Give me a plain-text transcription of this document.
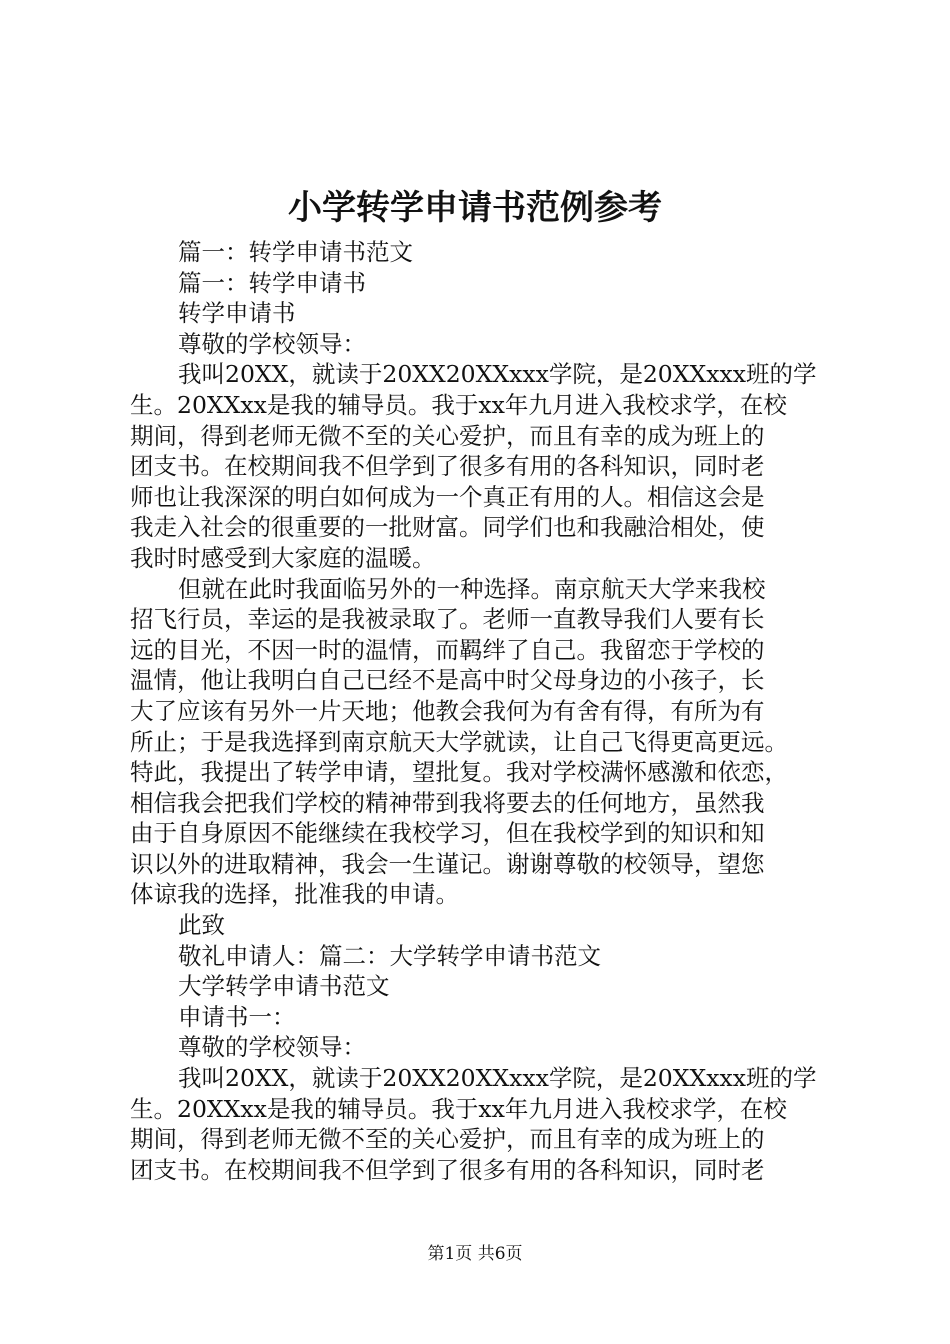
小学转学申请书范例参考
篇一：转学申请书范文
篇一：转学申请书
转学申请书
尊敬的学校领导：
我叫20XX，就读于20XX20XXxxx学院，是20XXxxx班的学
生。20XXxx是我的辅导员。我于xx年九月进入我校求学，在校
期间，得到老师无微不至的关心爱护，而且有幸的成为班上的
团支书。在校期间我不但学到了很多有用的各科知识，同时老
师也让我深深的明白如何成为一个真正有用的人。相信这会是
我走入社会的很重要的一批财富。同学们也和我融洽相处，使
我时时感受到大家庭的温暖。
但就在此时我面临另外的一种选择。南京航天大学来我校
招飞行员，幸运的是我被录取了。老师一直教导我们人要有长
远的目光，不因一时的温情，而羁绊了自己。我留恋于学校的
温情，他让我明白自己已经不是高中时父母身边的小孩子，长
大了应该有另外一片天地；他教会我何为有舍有得，有所为有
所止；于是我选择到南京航天大学就读，让自己飞得更高更远。
特此，我提出了转学申请，望批复。我对学校满怀感激和依恋，
相信我会把我们学校的精神带到我将要去的任何地方，虽然我
由于自身原因不能继续在我校学习，但在我校学到的知识和知
识以外的进取精神，我会一生谨记。谢谢尊敬的校领导，望您
体谅我的选择，批准我的申请。
此致
敬礼申请人：篇二：大学转学申请书范文
大学转学申请书范文
申请书一：
尊敬的学校领导：
我叫20XX，就读于20XX20XXxxx学院，是20XXxxx班的学
生。20XXxx是我的辅导员。我于xx年九月进入我校求学，在校
期间，得到老师无微不至的关心爱护，而且有幸的成为班上的
团支书。在校期间我不但学到了很多有用的各科知识，同时老
第1页 共6页
